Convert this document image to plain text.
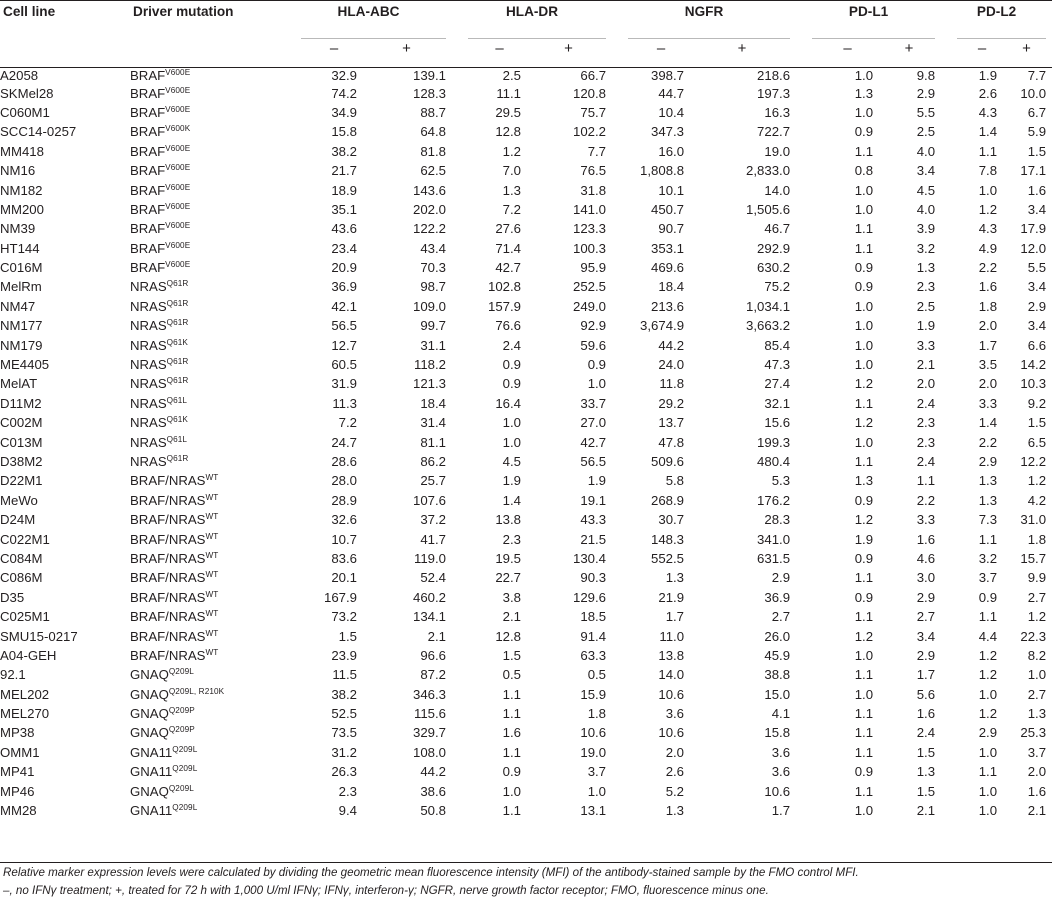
Cell line	Driver mutation	HLA-ABC		HLA-DR		NGFR		PD-L1		PD-L2	

		–	+	–	+	–	+	–	+	–	+

A2058	$BRAF^{V600E}$	32.9	139.1	2.5	66.7	398.7	218.6	1.0	9.8	1.9	7.7
SKMel28	$BRAF^{V600E}$	74.2	128.3	11.1	120.8	44.7	197.3	1.3	2.9	2.6	10.0
C060M1	$BRAF^{V600E}$	34.9	88.7	29.5	75.7	10.4	16.3	1.0	5.5	4.3	6.7
SCC14-0257	$BRAF^{V600K}$	15.8	64.8	12.8	102.2	347.3	722.7	0.9	2.5	1.4	5.9
MM418	$BRAF^{V600E}$	38.2	81.8	1.2	7.7	16.0	19.0	1.1	4.0	1.1	1.5
NM16	$BRAF^{V600E}$	21.7	62.5	7.0	76.5	1,808.8	2,833.0	0.8	3.4	7.8	17.1
NM182	$BRAF^{V600E}$	18.9	143.6	1.3	31.8	10.1	14.0	1.0	4.5	1.0	1.6
MM200	$BRAF^{V600E}$	35.1	202.0	7.2	141.0	450.7	1,505.6	1.0	4.0	1.2	3.4
NM39	$BRAF^{V600E}$	43.6	122.2	27.6	123.3	90.7	46.7	1.1	3.9	4.3	17.9
HT144	$BRAF^{V600E}$	23.4	43.4	71.4	100.3	353.1	292.9	1.1	3.2	4.9	12.0
C016M	$BRAF^{V600E}$	20.9	70.3	42.7	95.9	469.6	630.2	0.9	1.3	2.2	5.5
MelRm	$NRAS^{Q61R}$	36.9	98.7	102.8	252.5	18.4	75.2	0.9	2.3	1.6	3.4
NM47	$NRAS^{Q61R}$	42.1	109.0	157.9	249.0	213.6	1,034.1	1.0	2.5	1.8	2.9
NM177	$NRAS^{Q61R}$	56.5	99.7	76.6	92.9	3,674.9	3,663.2	1.0	1.9	2.0	3.4
NM179	$NRAS^{Q61K}$	12.7	31.1	2.4	59.6	44.2	85.4	1.0	3.3	1.7	6.6
ME4405	$NRAS^{Q61R}$	60.5	118.2	0.9	0.9	24.0	47.3	1.0	2.1	3.5	14.2
MelAT	$NRAS^{Q61R}$	31.9	121.3	0.9	1.0	11.8	27.4	1.2	2.0	2.0	10.3
D11M2	$NRAS^{Q61L}$	11.3	18.4	16.4	33.7	29.2	32.1	1.1	2.4	3.3	9.2
C002M	$NRAS^{Q61K}$	7.2	31.4	1.0	27.0	13.7	15.6	1.2	2.3	1.4	1.5
C013M	$NRAS^{Q61L}$	24.7	81.1	1.0	42.7	47.8	199.3	1.0	2.3	2.2	6.5
D38M2	$NRAS^{Q61R}$	28.6	86.2	4.5	56.5	509.6	480.4	1.1	2.4	2.9	12.2
D22M1	BRAF/$NRAS^{WT}$	28.0	25.7	1.9	1.9	5.8	5.3	1.3	1.1	1.3	1.2
MeWo	BRAF/$NRAS^{WT}$	28.9	107.6	1.4	19.1	268.9	176.2	0.9	2.2	1.3	4.2
D24M	BRAF/$NRAS^{WT}$	32.6	37.2	13.8	43.3	30.7	28.3	1.2	3.3	7.3	31.0
C022M1	BRAF/$NRAS^{WT}$	10.7	41.7	2.3	21.5	148.3	341.0	1.9	1.6	1.1	1.8
C084M	BRAF/$NRAS^{WT}$	83.6	119.0	19.5	130.4	552.5	631.5	0.9	4.6	3.2	15.7
C086M	BRAF/$NRAS^{WT}$	20.1	52.4	22.7	90.3	1.3	2.9	1.1	3.0	3.7	9.9
D35	BRAF/$NRAS^{WT}$	167.9	460.2	3.8	129.6	21.9	36.9	0.9	2.9	0.9	2.7
C025M1	BRAF/$NRAS^{WT}$	73.2	134.1	2.1	18.5	1.7	2.7	1.1	2.7	1.1	1.2
SMU15-0217	BRAF/$NRAS^{WT}$	1.5	2.1	12.8	91.4	11.0	26.0	1.2	3.4	4.4	22.3
A04-GEH	BRAF/$NRAS^{WT}$	23.9	96.6	1.5	63.3	13.8	45.9	1.0	2.9	1.2	8.2
92.1	$GNAQ^{Q209L}$	11.5	87.2	0.5	0.5	14.0	38.8	1.1	1.7	1.2	1.0
MEL202	$GNAQ^{Q209L, R210K}$	38.2	346.3	1.1	15.9	10.6	15.0	1.0	5.6	1.0	2.7
MEL270	$GNAQ^{Q209P}$	52.5	115.6	1.1	1.8	3.6	4.1	1.1	1.6	1.2	1.3
MP38	$GNAQ^{Q209P}$	73.5	329.7	1.6	10.6	10.6	15.8	1.1	2.4	2.9	25.3
OMM1	$GNA11^{Q209L}$	31.2	108.0	1.1	19.0	2.0	3.6	1.1	1.5	1.0	3.7
MP41	$GNA11^{Q209L}$	26.3	44.2	0.9	3.7	2.6	3.6	0.9	1.3	1.1	2.0
MP46	$GNAQ^{Q209L}$	2.3	38.6	1.0	1.0	5.2	10.6	1.1	1.5	1.0	1.6
MM28	$GNA11^{Q209L}$	9.4	50.8	1.1	13.1	1.3	1.7	1.0	2.1	1.0	2.1
Relative marker expression levels were calculated by dividing the geometric mean fluorescence intensity (MFI) of the antibody-stained sample by the FMO control MFI.
–, no IFNγ treatment; +, treated for 72 h with 1,000 U/ml IFNγ; IFNγ, interferon-γ; NGFR, nerve growth factor receptor; FMO, fluorescence minus one.
